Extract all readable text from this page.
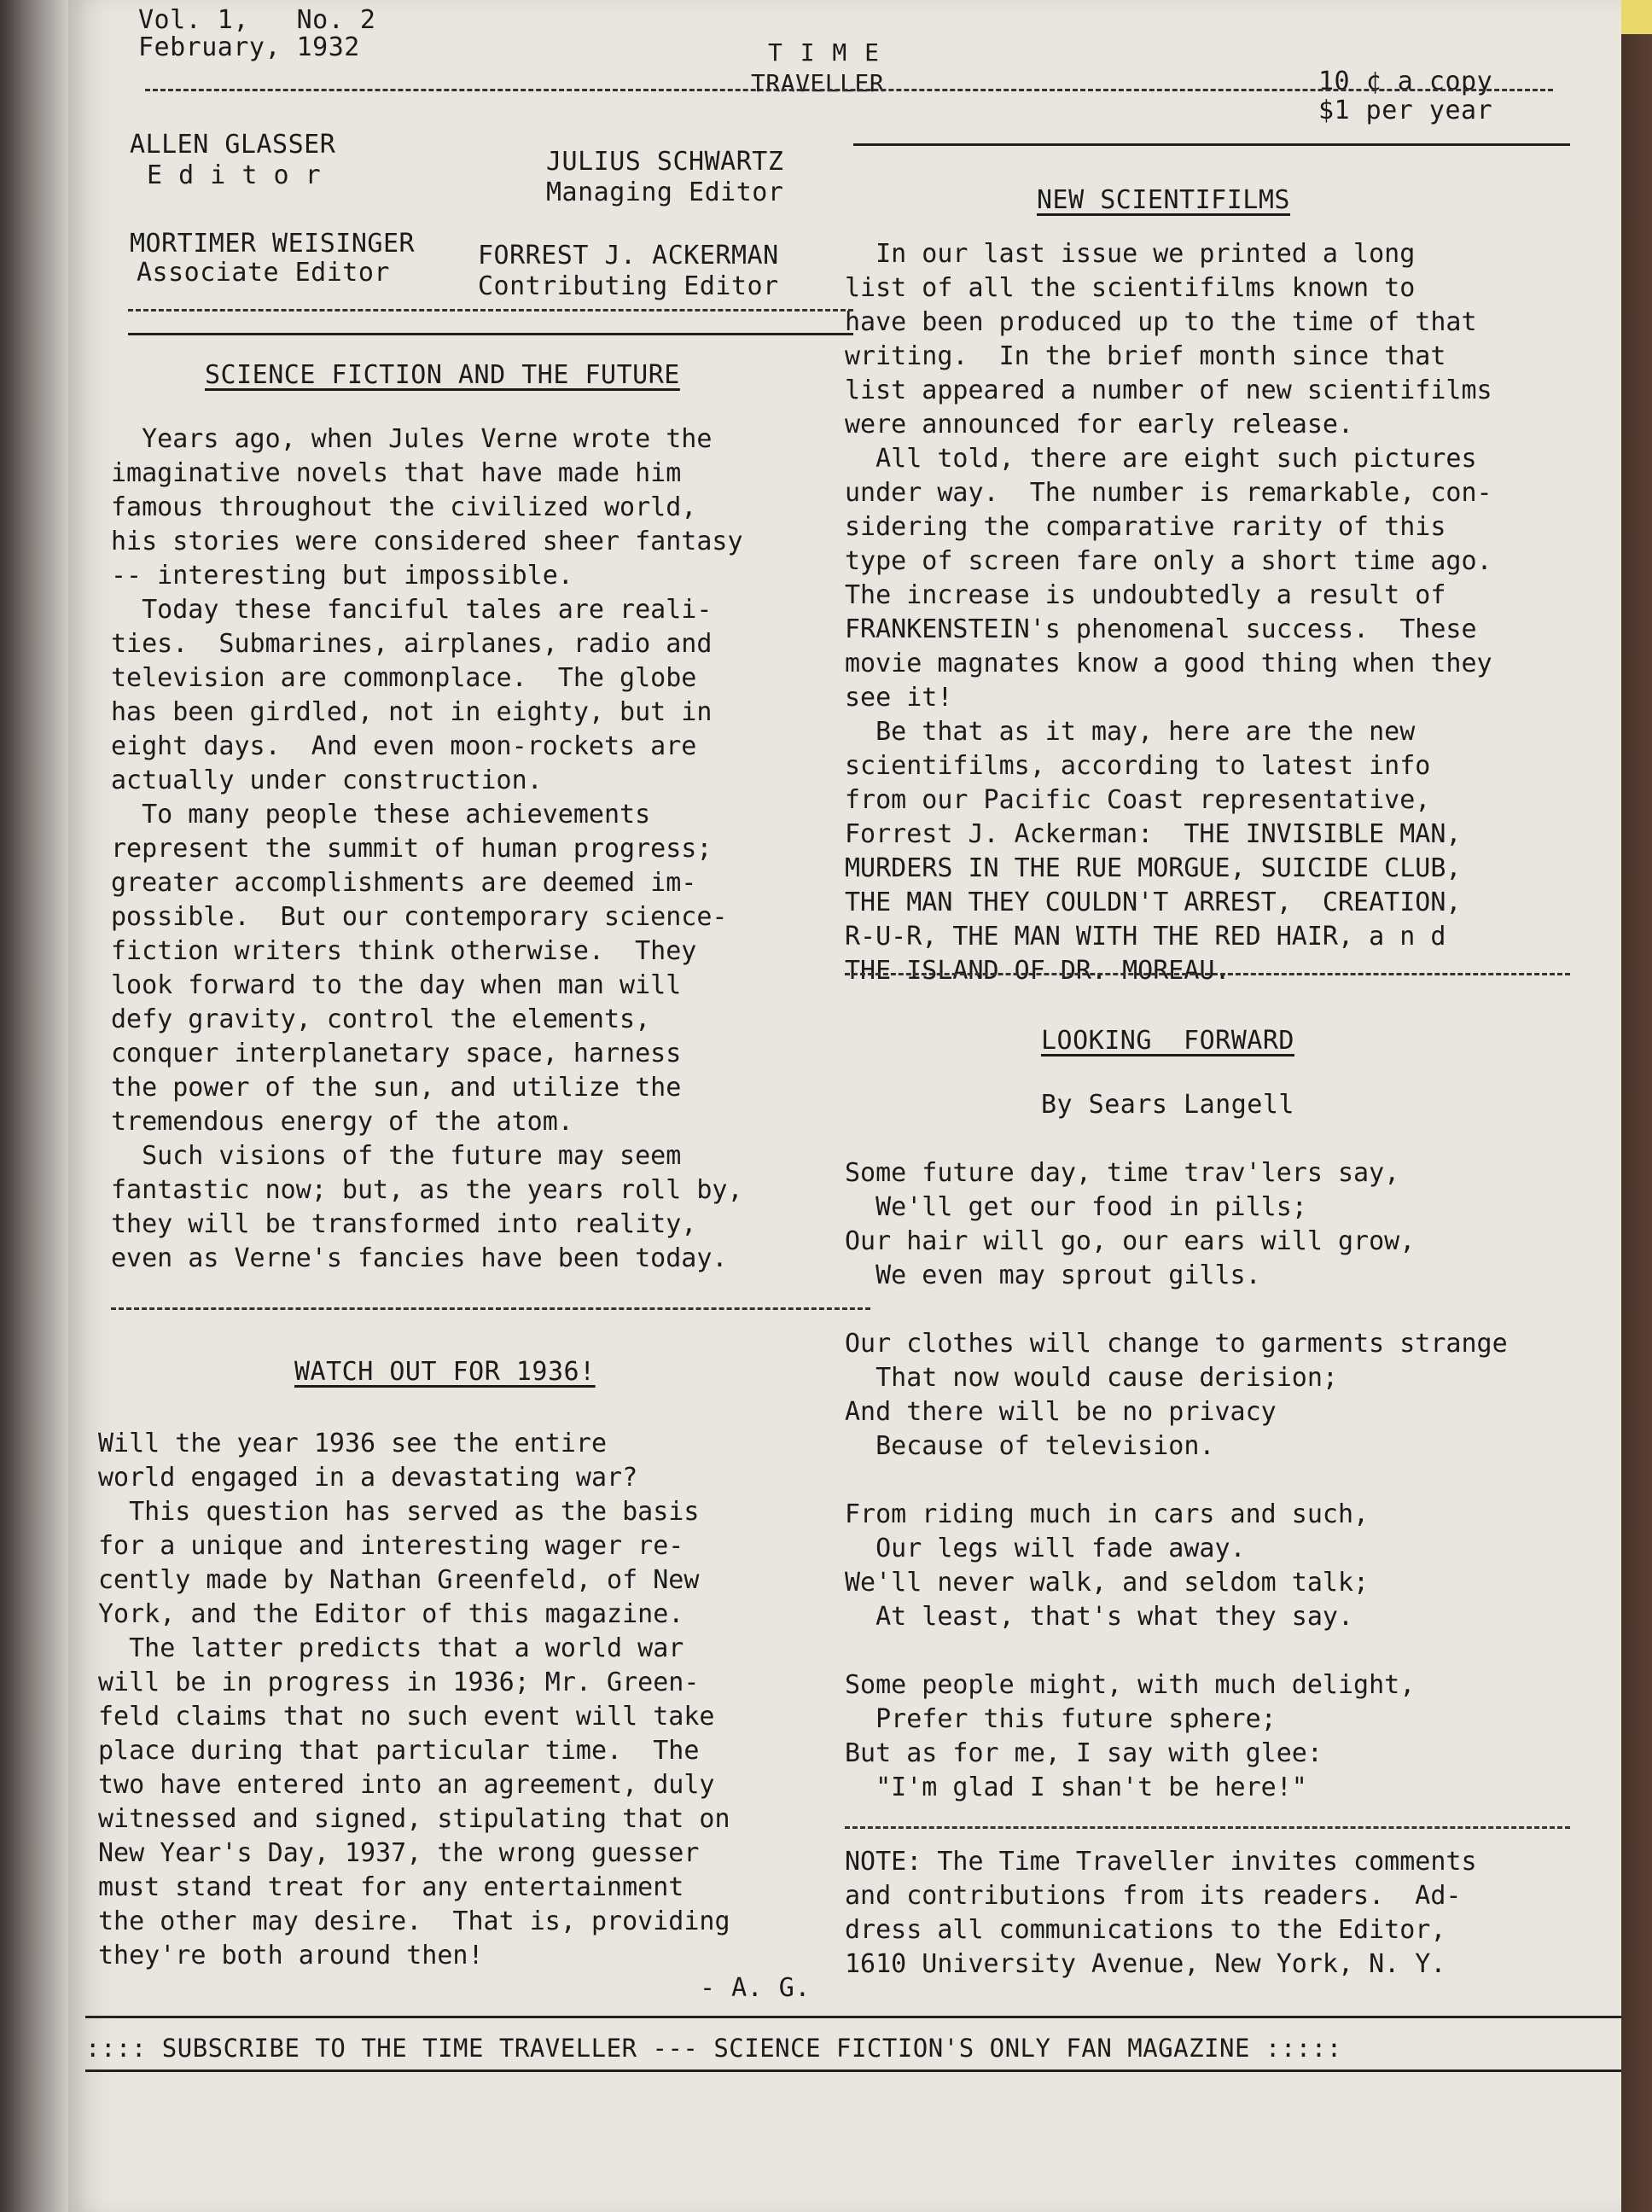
Vol. 1,   No. 2
February, 1932	T I M E
TRAVELLER	10 ¢ a copy
$1 per year
ALLEN GLASSER
E d i t o r	JULIUS SCHWARTZ
Managing Editor
MORTIMER WEISINGER
Associate Editor
FORREST J. ACKERMAN
Contributing Editor
SCIENCE FICTION AND THE FUTURE
Years ago, when Jules Verne wrote the
imaginative novels that have made him
famous throughout the civilized world,
his stories were considered sheer fantasy
-- interesting but impossible.
Today these fanciful tales are reali-
ties.  Submarines, airplanes, radio and
television are commonplace.  The globe
has been girdled, not in eighty, but in
eight days.  And even moon-rockets are
actually under construction.
To many people these achievements
represent the summit of human progress;
greater accomplishments are deemed im-
possible.  But our contemporary science-
fiction writers think otherwise.  They
look forward to the day when man will
defy gravity, control the elements,
conquer interplanetary space, harness
the power of the sun, and utilize the
tremendous energy of the atom.
Such visions of the future may seem
fantastic now; but, as the years roll by,
they will be transformed into reality,
even as Verne's fancies have been today.
WATCH OUT FOR 1936!
Will the year 1936 see the entire
world engaged in a devastating war?
This question has served as the basis
for a unique and interesting wager re-
cently made by Nathan Greenfeld, of New
York, and the Editor of this magazine.
The latter predicts that a world war
will be in progress in 1936; Mr. Green-
feld claims that no such event will take
place during that particular time.  The
two have entered into an agreement, duly
witnessed and signed, stipulating that on
New Year's Day, 1937, the wrong guesser
must stand treat for any entertainment
the other may desire.  That is, providing
they're both around then!
- A. G.
NEW SCIENTIFILMS
In our last issue we printed a long
list of all the scientifilms known to
have been produced up to the time of that
writing.  In the brief month since that
list appeared a number of new scientifilms
were announced for early release.
All told, there are eight such pictures
under way.  The number is remarkable, con-
sidering the comparative rarity of this
type of screen fare only a short time ago.
The increase is undoubtedly a result of
FRANKENSTEIN's phenomenal success.  These
movie magnates know a good thing when they
see it!
Be that as it may, here are the new
scientifilms, according to latest info
from our Pacific Coast representative,
Forrest J. Ackerman:  THE INVISIBLE MAN,
MURDERS IN THE RUE MORGUE, SUICIDE CLUB,
THE MAN THEY COULDN'T ARREST,  CREATION,
R-U-R, THE MAN WITH THE RED HAIR, a n d
THE ISLAND OF DR. MOREAU.
LOOKING  FORWARD
By Sears Langell
Some future day, time trav'lers say,
We'll get our food in pills;
Our hair will go, our ears will grow,
We even may sprout gills.
Our clothes will change to garments strange
That now would cause derision;
And there will be no privacy
Because of television.
From riding much in cars and such,
Our legs will fade away.
We'll never walk, and seldom talk;
At least, that's what they say.
Some people might, with much delight,
Prefer this future sphere;
But as for me, I say with glee:
"I'm glad I shan't be here!"
NOTE: The Time Traveller invites comments
and contributions from its readers.  Ad-
dress all communications to the Editor,
1610 University Avenue, New York, N. Y.
:::: SUBSCRIBE TO THE TIME TRAVELLER --- SCIENCE FICTION'S ONLY FAN MAGAZINE :::::
